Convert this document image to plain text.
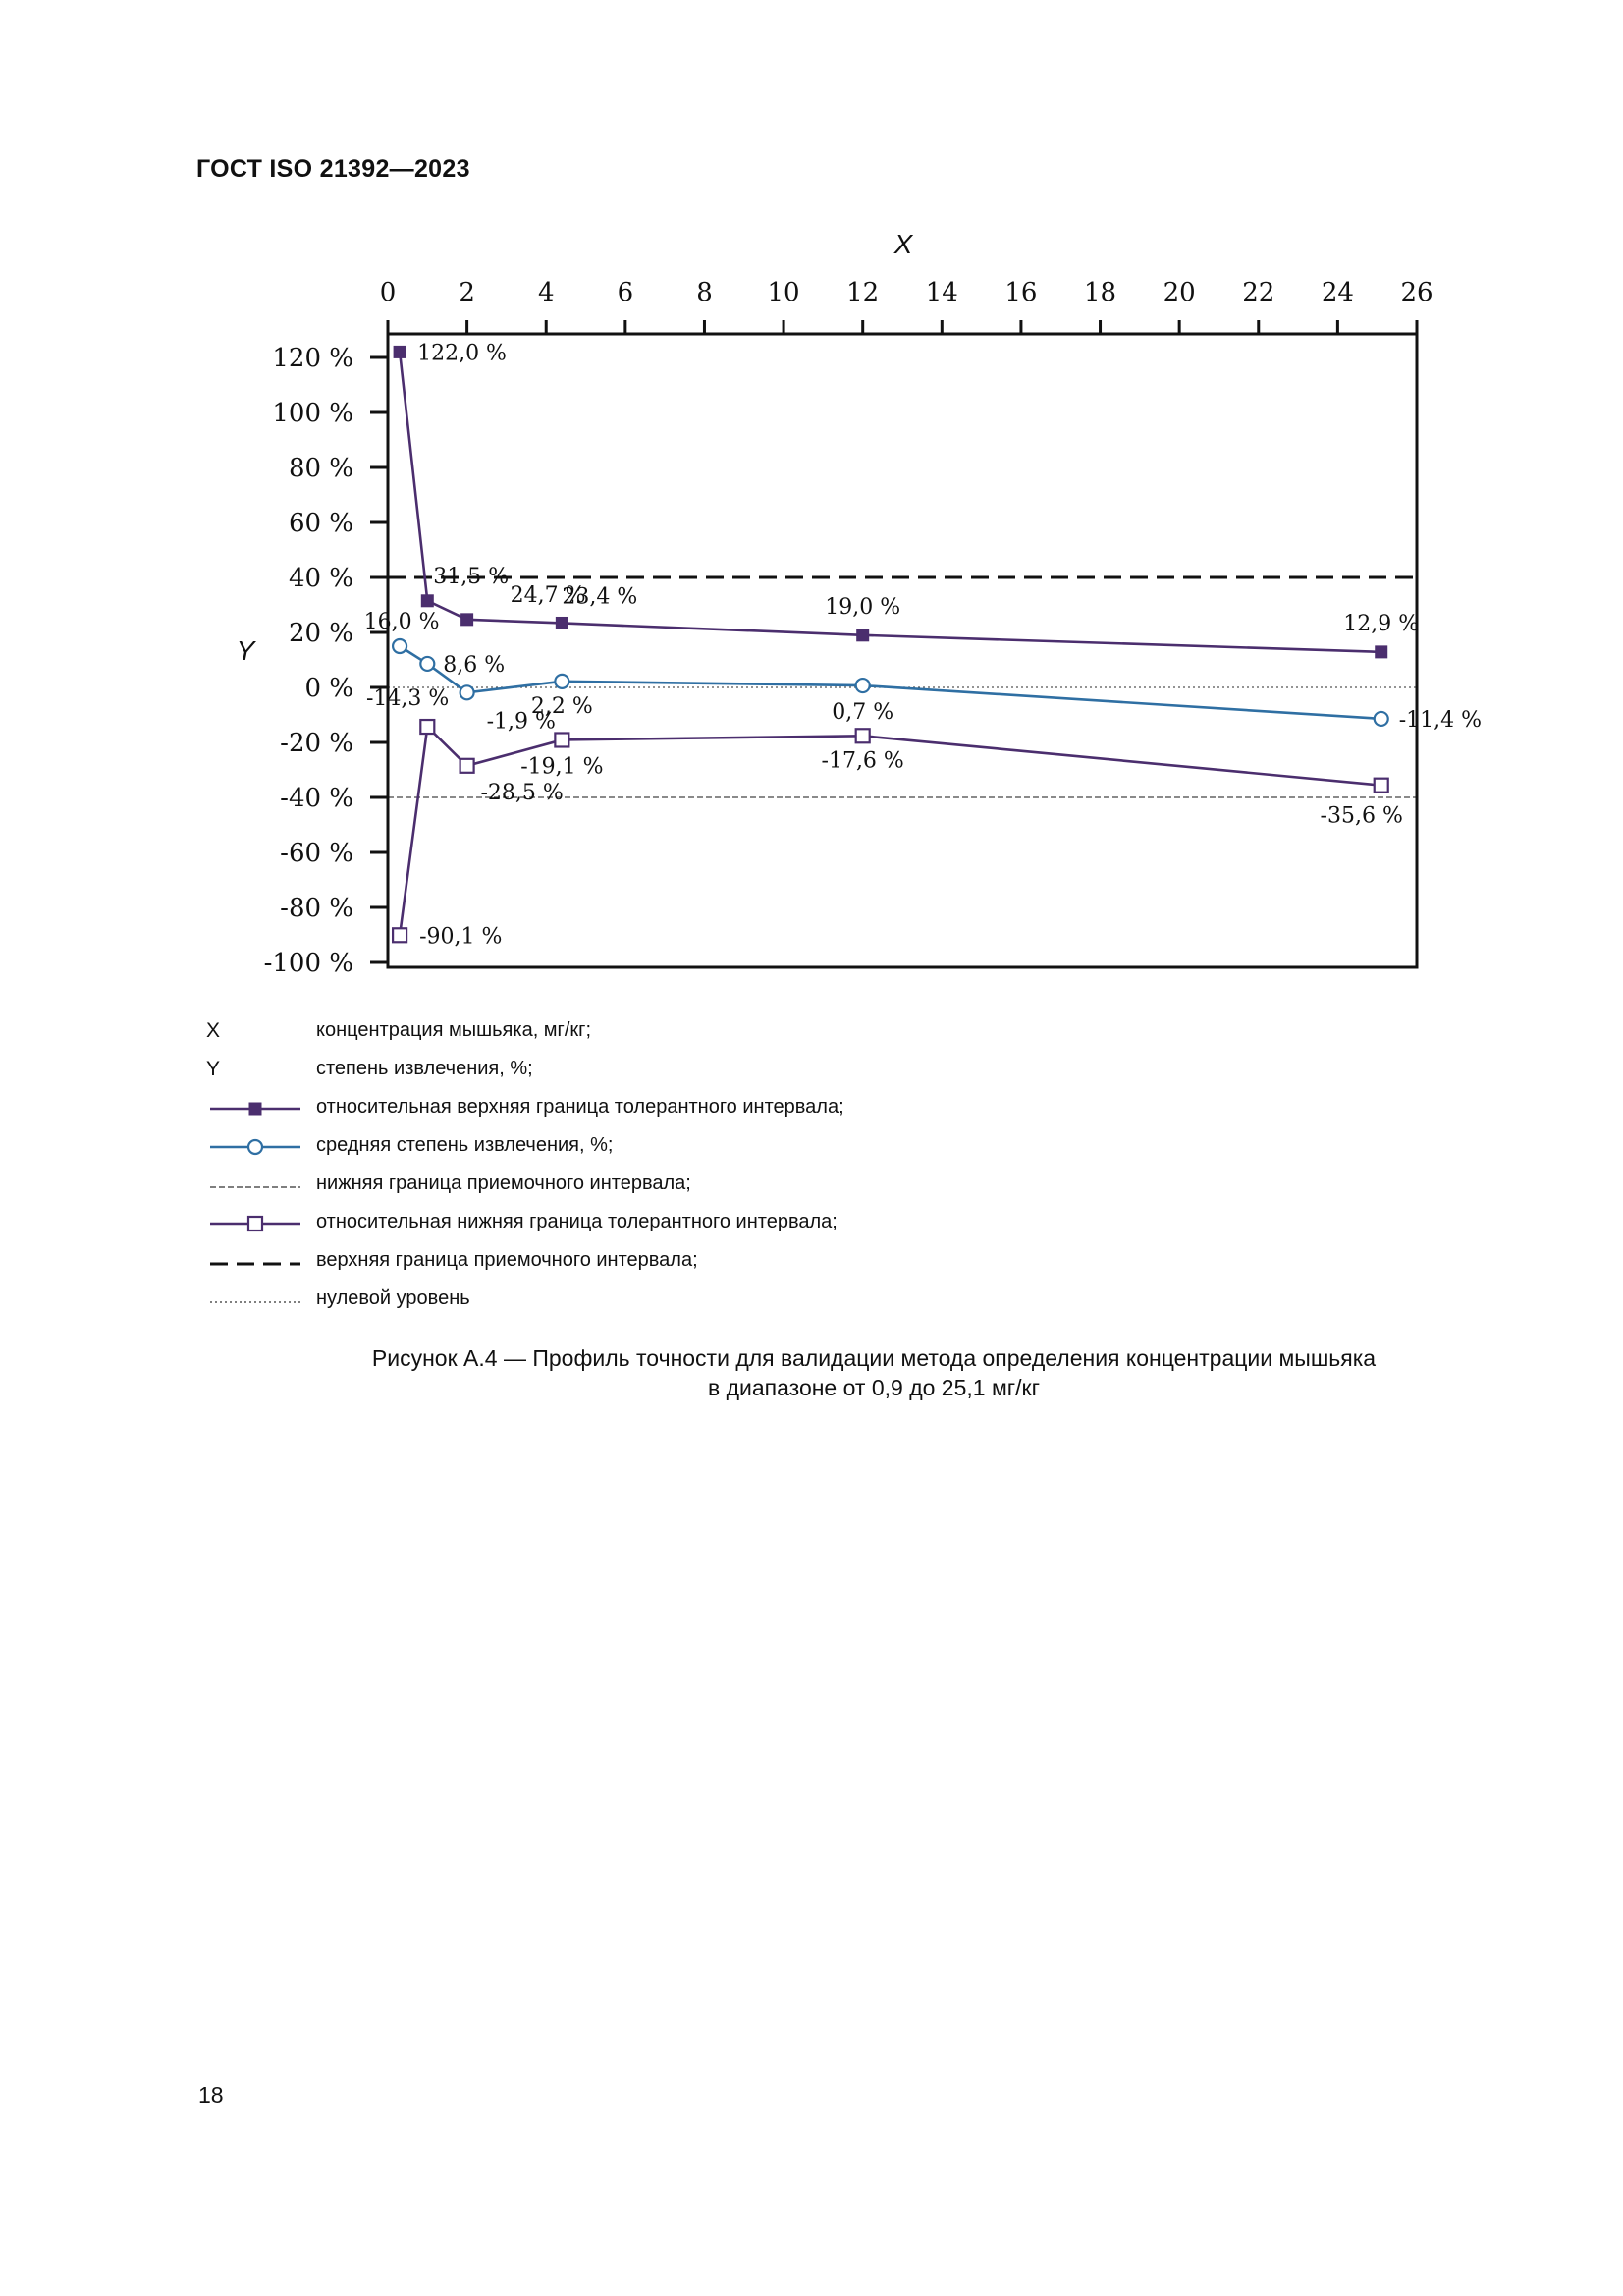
ГОСТ ISO 21392—2023
0 2 4 6 8 10 12 14 16 18 20 22 24 26
X
120 %
100 %
80 %
60 %
40 %
20 %
0 %
-20 %
-40 %
-60 %
-80 %
-100 %
Y
122,0 %
31,5 %
24,7 %
23,4 %	19,0 %
12,9 %
16,0 %
8,6 %
-1,9 %
2,2 %	0,7 %	-11,4 %
-90,1 %
-14,3 %
-28,5 %
-19,1 %	-17,6 %
-35,6 %
X	концентрация мышьяка, мг/кг;
Y	степень извлечения, %;
относительная верхняя граница толерантного интервала;
средняя степень извлечения, %;
нижняя граница приемочного интервала;
относительная нижняя граница толерантного интервала;
верхняя граница приемочного интервала;
нулевой уровень
Рисунок А.4 — Профиль точности для валидации метода определения концентрации мышьяка
в диапазоне от 0,9 до 25,1 мг/кг
18
